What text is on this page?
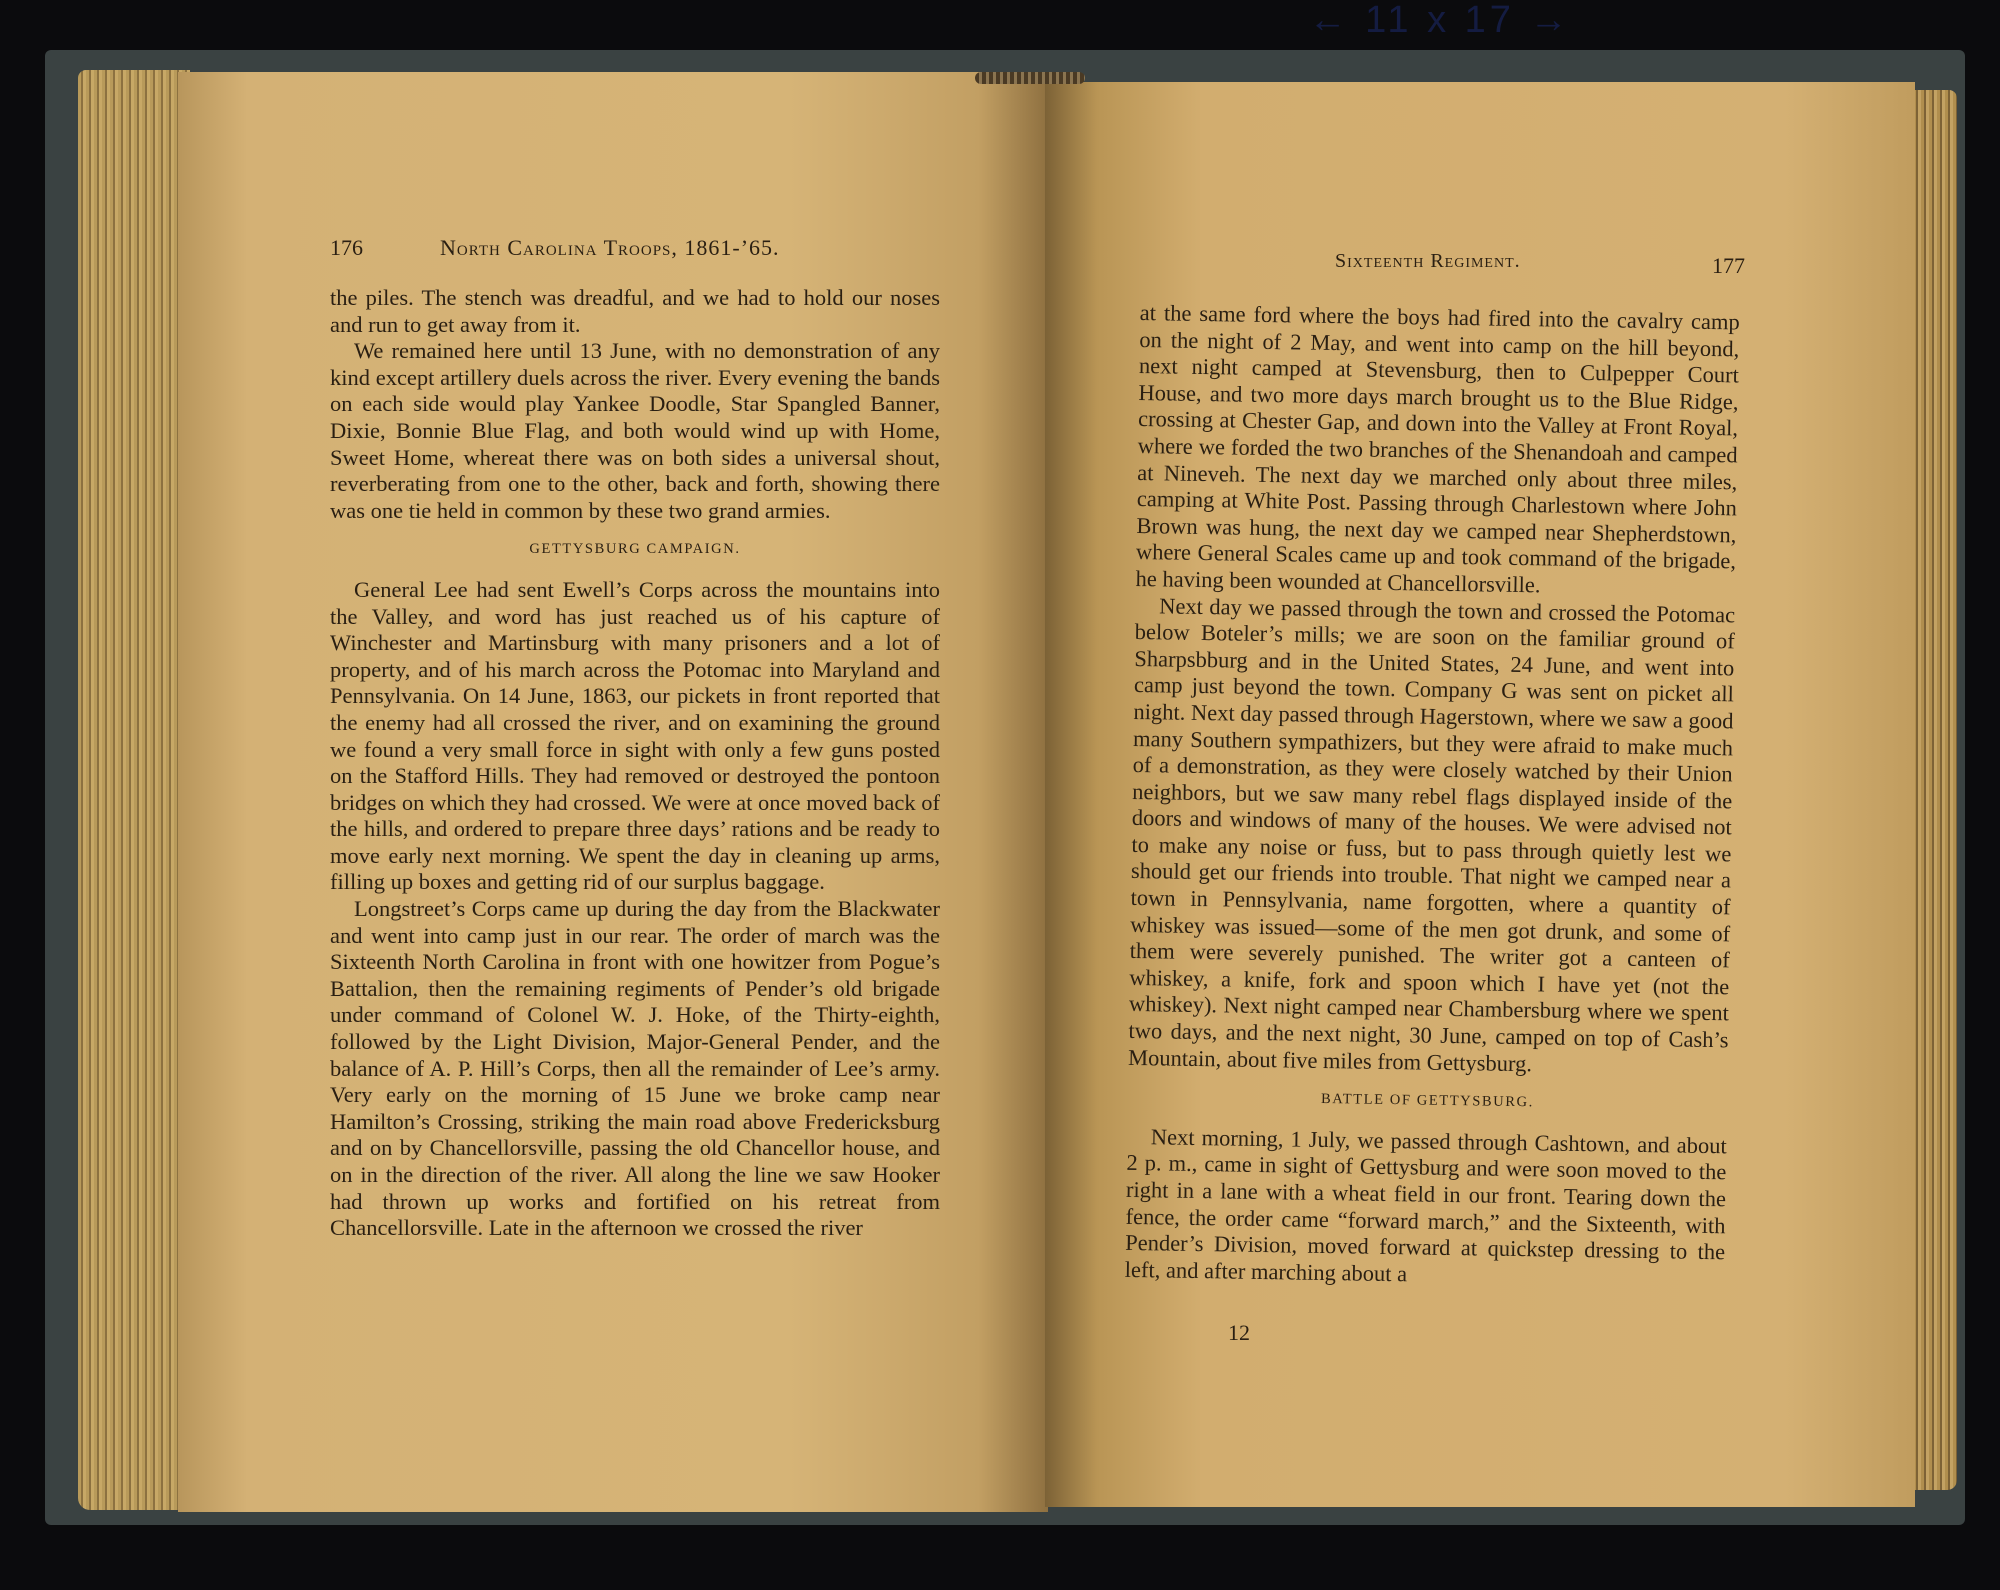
← 11 x 17 →
176	North Carolina Troops, 1861-’65.

the piles. The stench was dreadful, and we had to hold our noses and run to get away from it.

We remained here until 13 June, with no demonstration of any kind except artillery duels across the river. Every evening the bands on each side would play Yankee Doodle, Star Spangled Banner, Dixie, Bonnie Blue Flag, and both would wind up with Home, Sweet Home, whereat there was on both sides a universal shout, reverberating from one to the other, back and forth, showing there was one tie held in common by these two grand armies.

GETTYSBURG CAMPAIGN.

General Lee had sent Ewell’s Corps across the mountains into the Valley, and word has just reached us of his capture of Winchester and Martinsburg with many prisoners and a lot of property, and of his march across the Potomac into Maryland and Pennsylvania. On 14 June, 1863, our pickets in front reported that the enemy had all crossed the river, and on examining the ground we found a very small force in sight with only a few guns posted on the Stafford Hills. They had removed or destroyed the pontoon bridges on which they had crossed. We were at once moved back of the hills, and ordered to prepare three days’ rations and be ready to move early next morning. We spent the day in cleaning up arms, filling up boxes and getting rid of our surplus baggage.

Longstreet’s Corps came up during the day from the Blackwater and went into camp just in our rear. The order of march was the Sixteenth North Carolina in front with one howitzer from Pogue’s Battalion, then the remaining regiments of Pender’s old brigade under command of Colonel W. J. Hoke, of the Thirty-eighth, followed by the Light Division, Major-General Pender, and the balance of A. P. Hill’s Corps, then all the remainder of Lee’s army. Very early on the morning of 15 June we broke camp near Hamilton’s Crossing, striking the main road above Fredericksburg and on by Chancellorsville, passing the old Chancellor house, and on in the direction of the river. All along the line we saw Hooker had thrown up works and fortified on his retreat from Chancellorsville. Late in the afternoon we crossed the river

Sixteenth Regiment.	177

at the same ford where the boys had fired into the cavalry camp on the night of 2 May, and went into camp on the hill beyond, next night camped at Stevensburg, then to Culpepper Court House, and two more days march brought us to the Blue Ridge, crossing at Chester Gap, and down into the Valley at Front Royal, where we forded the two branches of the Shenandoah and camped at Nineveh. The next day we marched only about three miles, camping at White Post. Passing through Charlestown where John Brown was hung, the next day we camped near Shepherdstown, where General Scales came up and took command of the brigade, he having been wounded at Chancellorsville.

Next day we passed through the town and crossed the Potomac below Boteler’s mills; we are soon on the familiar ground of Sharpsbburg and in the United States, 24 June, and went into camp just beyond the town. Company G was sent on picket all night. Next day passed through Hagerstown, where we saw a good many Southern sympathizers, but they were afraid to make much of a demonstration, as they were closely watched by their Union neighbors, but we saw many rebel flags displayed inside of the doors and windows of many of the houses. We were advised not to make any noise or fuss, but to pass through quietly lest we should get our friends into trouble. That night we camped near a town in Pennsylvania, name forgotten, where a quantity of whiskey was issued—some of the men got drunk, and some of them were severely punished. The writer got a canteen of whiskey, a knife, fork and spoon which I have yet (not the whiskey). Next night camped near Chambersburg where we spent two days, and the next night, 30 June, camped on top of Cash’s Mountain, about five miles from Gettysburg.

BATTLE OF GETTYSBURG.

Next morning, 1 July, we passed through Cashtown, and about 2 p. m., came in sight of Gettysburg and were soon moved to the right in a lane with a wheat field in our front. Tearing down the fence, the order came “forward march,” and the Sixteenth, with Pender’s Division, moved forward at quickstep dressing to the left, and after marching about a

12
